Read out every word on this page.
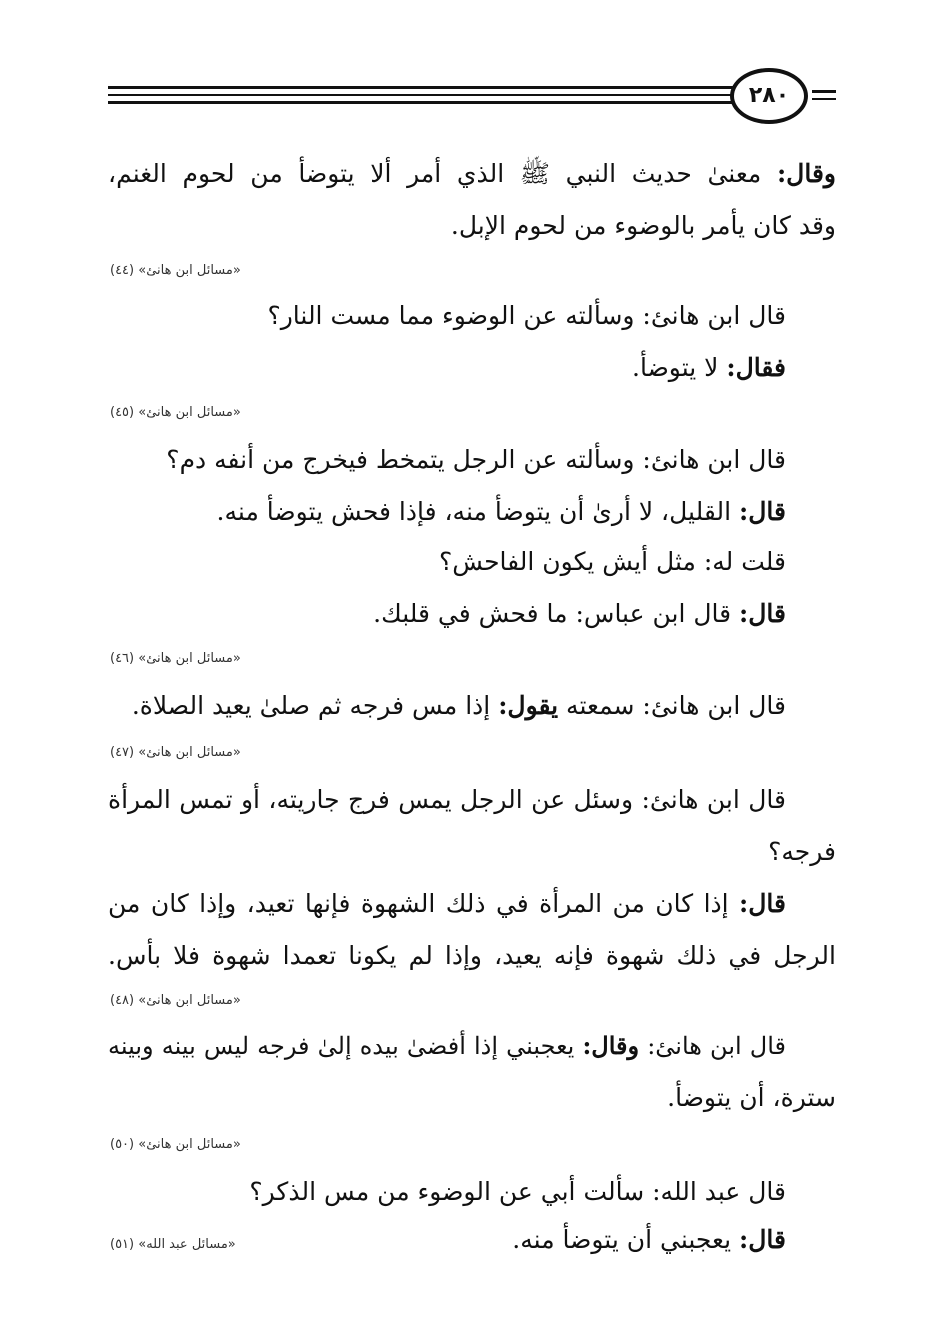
٢٨٠
وقال: معنىٰ حديث النبي ﷺ الذي أمر ألا يتوضأ من لحوم الغنم،
وقد كان يأمر بالوضوء من لحوم الإبل.
«مسائل ابن هانئ» (٤٤)
قال ابن هانئ: وسألته عن الوضوء مما مست النار؟
فقال: لا يتوضأ.
«مسائل ابن هانئ» (٤٥)
قال ابن هانئ: وسألته عن الرجل يتمخط فيخرج من أنفه دم؟
قال: القليل، لا أرىٰ أن يتوضأ منه، فإذا فحش يتوضأ منه.
قلت له: مثل أيش يكون الفاحش؟
قال: قال ابن عباس: ما فحش في قلبك.
«مسائل ابن هانئ» (٤٦)
قال ابن هانئ: سمعته يقول: إذا مس فرجه ثم صلىٰ يعيد الصلاة.
«مسائل ابن هانئ» (٤٧)
قال ابن هانئ: وسئل عن الرجل يمس فرج جاريته، أو تمس المرأة
فرجه؟
قال: إذا كان من المرأة في ذلك الشهوة فإنها تعيد، وإذا كان من
الرجل في ذلك شهوة فإنه يعيد، وإذا لم يكونا تعمدا شهوة فلا بأس.
«مسائل ابن هانئ» (٤٨)
قال ابن هانئ: وقال: يعجبني إذا أفضىٰ بيده إلىٰ فرجه ليس بينه وبينه
سترة، أن يتوضأ.
«مسائل ابن هانئ» (٥٠)
قال عبد الله: سألت أبي عن الوضوء من مس الذكر؟
قال: يعجبني أن يتوضأ منه.
«مسائل عبد الله» (٥١)
